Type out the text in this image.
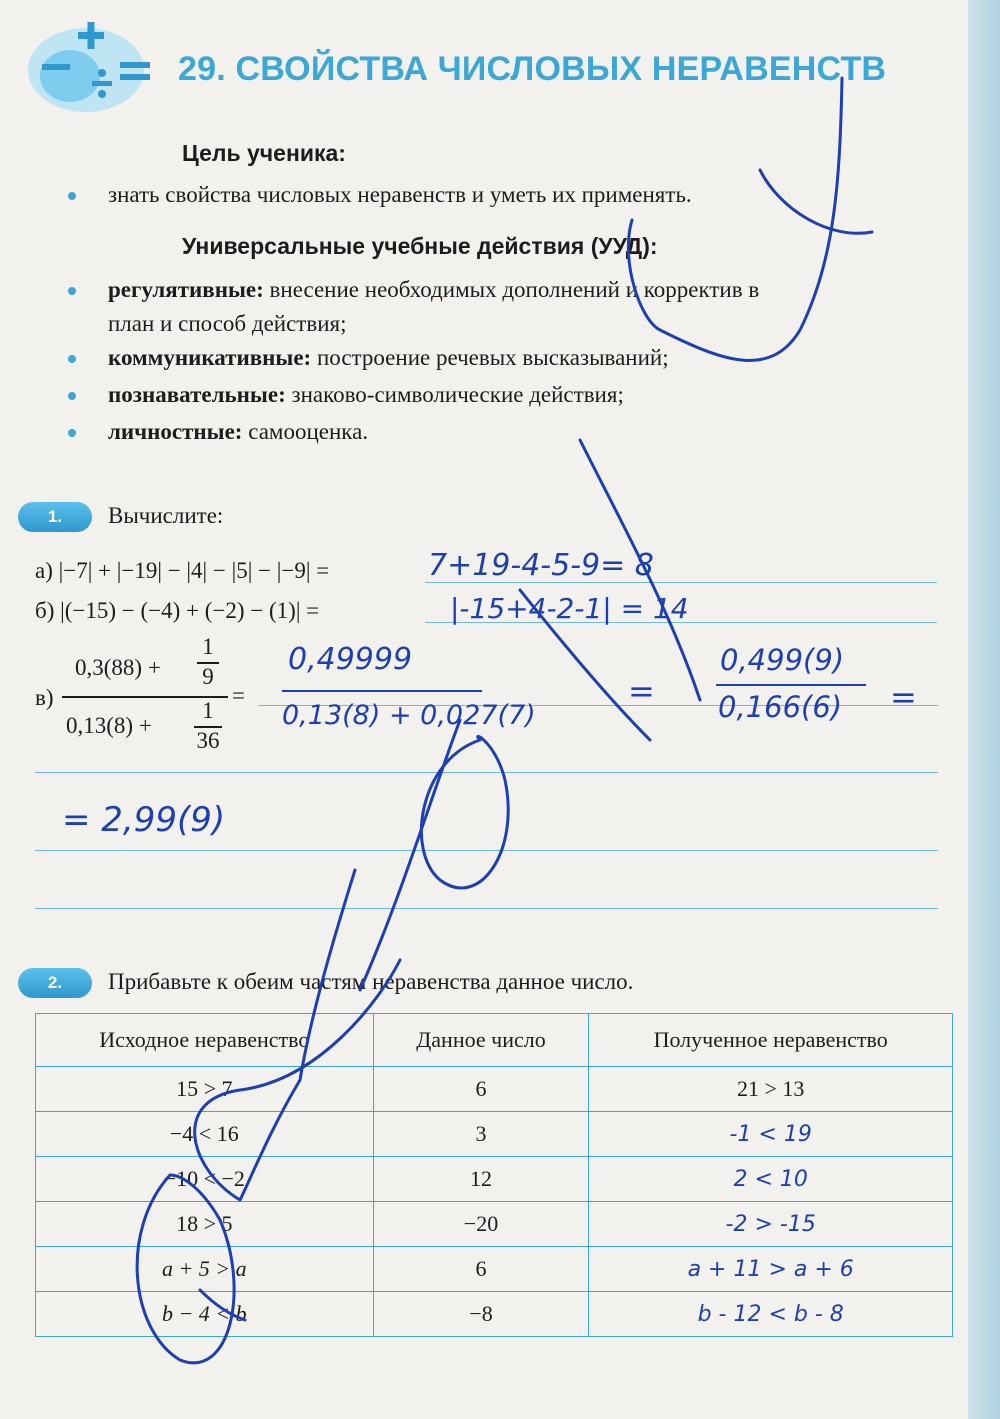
29. СВОЙСТВА ЧИСЛОВЫХ НЕРАВЕНСТВ
Цель ученика:
знать свойства числовых неравенств и уметь их применять.
Универсальные учебные действия (УУД):
регулятивные: внесение необходимых дополнений и корректив в
план и способ действия;
коммуникативные: построение речевых высказываний;
познавательные: знаково-символические действия;
личностные: самооценка.
1.	Вычислите:
а) |−7| + |−19| − |4| − |5| − |−9| =	7+19-4-5-9= 8
б) |(−15) − (−4) + (−2) − (1)| =	|-15+4-2-1| = 14
в)
0,3(88) +
1
9
0,13(8) +
1
36
=
0,49999
0,13(8) + 0,027(7)
=
0,499(9)
0,166(6) =
= 2,99(9)
2.	Прибавьте к обеим частям неравенства данное число.
Исходное неравенство	Данное число	Полученное неравенство
15 > 7	6	21 > 13
−4 < 16	3	-1 < 19
−10 < −2	12	2 < 10
18 > 5	−20	-2 > -15
a + 5 > a	6	a + 11 > a + 6
b − 4 < b	−8	b - 12 < b - 8
